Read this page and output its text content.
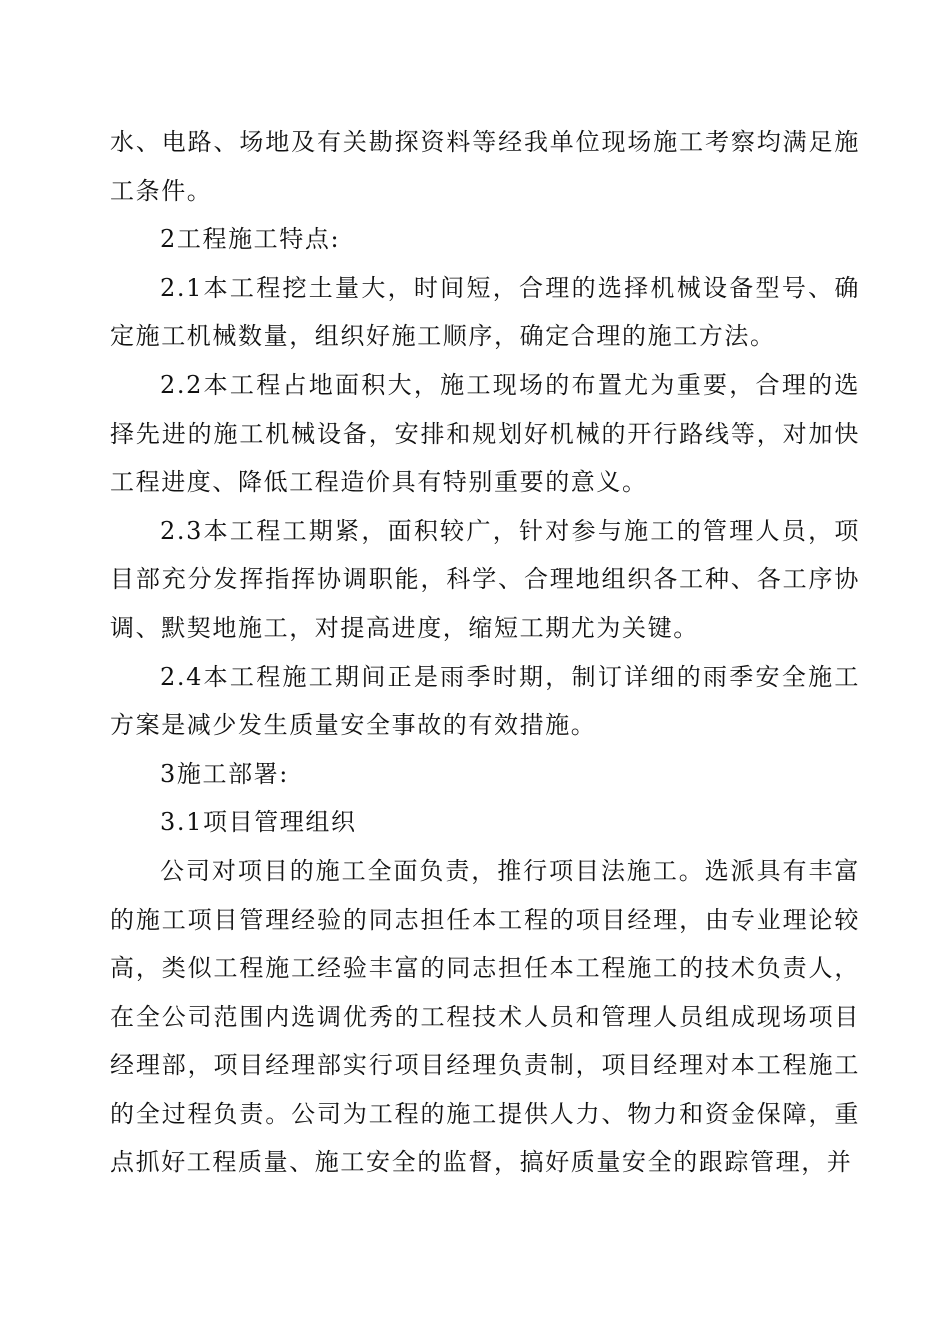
水、电路、场地及有关勘探资料等经我单位现场施工考察均满足施工条件。

2工程施工特点:

2.1本工程挖土量大，时间短，合理的选择机械设备型号、确定施工机械数量，组织好施工顺序，确定合理的施工方法。

2.2本工程占地面积大，施工现场的布置尤为重要，合理的选择先进的施工机械设备，安排和规划好机械的开行路线等，对加快工程进度、降低工程造价具有特别重要的意义。

2.3本工程工期紧，面积较广，针对参与施工的管理人员，项目部充分发挥指挥协调职能，科学、合理地组织各工种、各工序协调、默契地施工，对提高进度，缩短工期尤为关键。

2.4本工程施工期间正是雨季时期，制订详细的雨季安全施工方案是减少发生质量安全事故的有效措施。

3施工部署:

3.1项目管理组织

公司对项目的施工全面负责，推行项目法施工。选派具有丰富的施工项目管理经验的同志担任本工程的项目经理，由专业理论较高，类似工程施工经验丰富的同志担任本工程施工的技术负责人，在全公司范围内选调优秀的工程技术人员和管理人员组成现场项目经理部，项目经理部实行项目经理负责制，项目经理对本工程施工的全过程负责。公司为工程的施工提供人力、物力和资金保障，重点抓好工程质量、施工安全的监督，搞好质量安全的跟踪管理，并
